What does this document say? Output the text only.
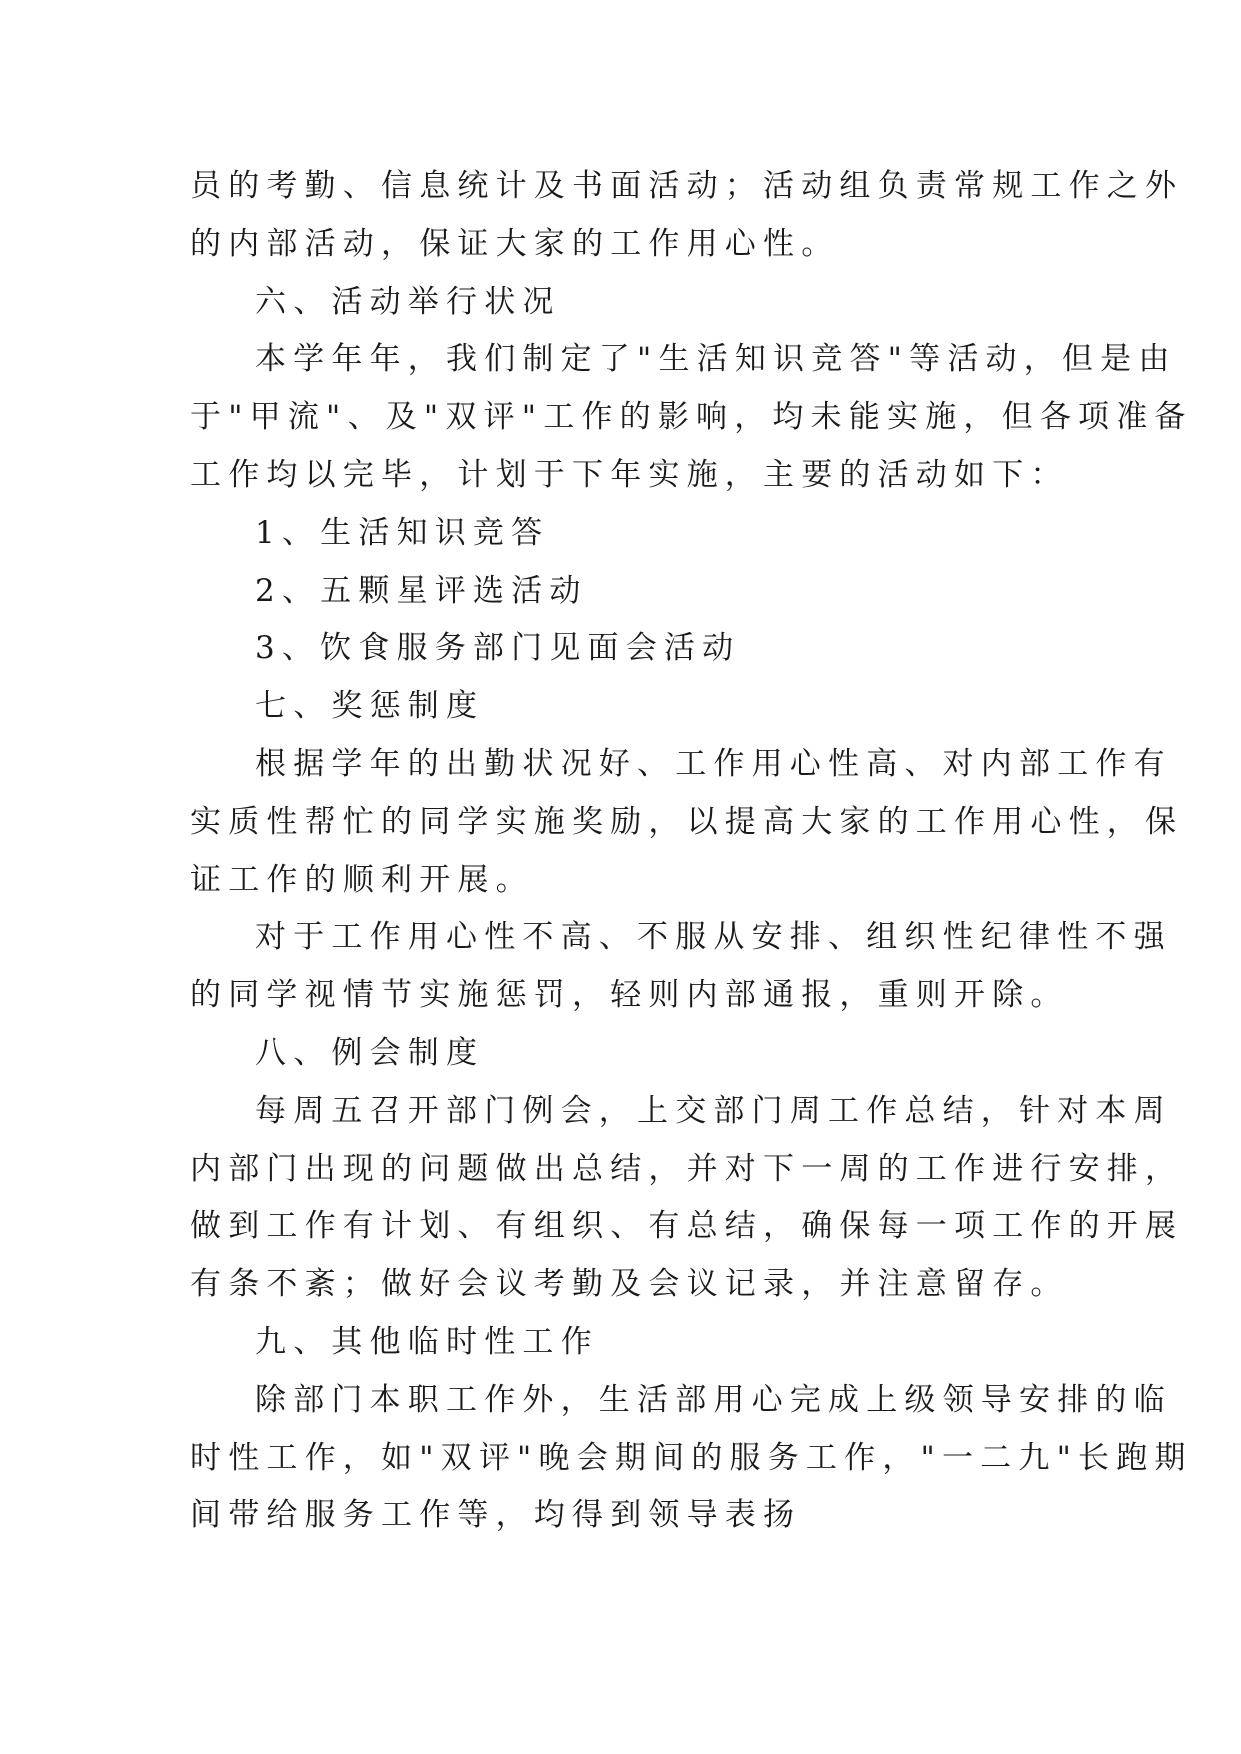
员的考勤、信息统计及书面活动；活动组负责常规工作之外
的内部活动，保证大家的工作用心性。
六、活动举行状况
本学年年，我们制定了"生活知识竞答"等活动，但是由
于"甲流"、及"双评"工作的影响，均未能实施，但各项准备
工作均以完毕，计划于下年实施，主要的活动如下：
1、生活知识竞答
2、五颗星评选活动
3、饮食服务部门见面会活动
七、奖惩制度
根据学年的出勤状况好、工作用心性高、对内部工作有
实质性帮忙的同学实施奖励，以提高大家的工作用心性，保
证工作的顺利开展。
对于工作用心性不高、不服从安排、组织性纪律性不强
的同学视情节实施惩罚，轻则内部通报，重则开除。
八、例会制度
每周五召开部门例会，上交部门周工作总结，针对本周
内部门出现的问题做出总结，并对下一周的工作进行安排，
做到工作有计划、有组织、有总结，确保每一项工作的开展
有条不紊；做好会议考勤及会议记录，并注意留存。
九、其他临时性工作
除部门本职工作外，生活部用心完成上级领导安排的临
时性工作，如"双评"晚会期间的服务工作，"一二九"长跑期
间带给服务工作等，均得到领导表扬
